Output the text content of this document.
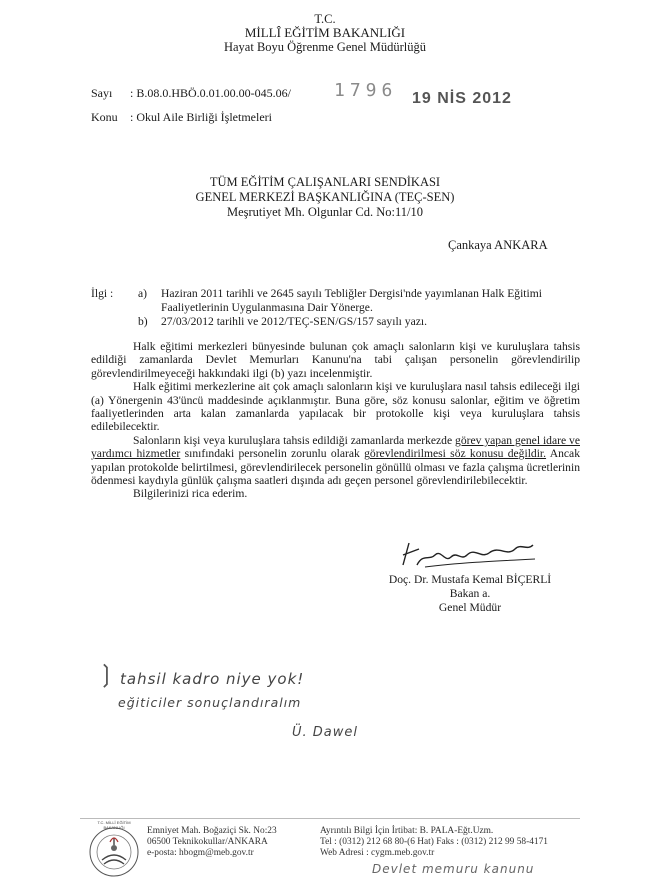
T.C.
MİLLÎ EĞİTİM BAKANLIĞI
Hayat Boyu Öğrenme Genel Müdürlüğü
Sayı : B.08.0.HBÖ.0.01.00.00-045.06/ 1796 19 NİS 2012
Konu : Okul Aile Birliği İşletmeleri
TÜM EĞİTİM ÇALIŞANLARI SENDİKASI
GENEL MERKEZİ BAŞKANLIĞINA (TEÇ-SEN)
Meşrutiyet Mh. Olgunlar Cd. No:11/10
Çankaya ANKARA
İlgi : a) Haziran 2011 tarihli ve 2645 sayılı Tebliğler Dergisi'nde yayımlanan Halk Eğitimi
Faaliyetlerinin Uygulanmasına Dair Yönerge.
b) 27/03/2012 tarihli ve 2012/TEÇ-SEN/GS/157 sayılı yazı.

Halk eğitimi merkezleri bünyesinde bulunan çok amaçlı salonların kişi ve kuruluşlara tahsis edildiği zamanlarda Devlet Memurları Kanunu'na tabi çalışan personelin görevlendirilip görevlendirilmeyeceği hakkındaki ilgi (b) yazı incelenmiştir.

Halk eğitimi merkezlerine ait çok amaçlı salonların kişi ve kuruluşlara nasıl tahsis edileceği ilgi (a) Yönergenin 43'üncü maddesinde açıklanmıştır. Buna göre, söz konusu salonlar, eğitim ve öğretim faaliyetlerinden arta kalan zamanlarda yapılacak bir protokolle kişi veya kuruluşlara tahsis edilebilecektir.

Salonların kişi veya kuruluşlara tahsis edildiği zamanlarda merkezde görev yapan genel idare ve yardımcı hizmetler sınıfındaki personelin zorunlu olarak görevlendirilmesi söz konusu değildir. Ancak yapılan protokolde belirtilmesi, görevlendirilecek personelin gönüllü olması ve fazla çalışma ücretlerinin ödenmesi kaydıyla günlük çalışma saatleri dışında adı geçen personel görevlendirilebilecektir.

Bilgilerinizi rica ederim.

Doç. Dr. Mustafa Kemal BİÇERLİ
Bakan a.
Genel Müdür
❳ tahsil kadro niye yok!
eğiticiler sonuçlandıralım
Ü. Dawel
T.C. MİLLÎ EĞİTİM BAKANLIĞI	Emniyet Mah. Boğaziçi Sk. No:23
06500 Teknikokullar/ANKARA
e-posta: hbogm@meb.gov.tr
Ayrıntılı Bilgi İçin İrtibat: B. PALA-Eğt.Uzm.
Tel : (0312) 212 68 80-(6 Hat) Faks : (0312) 212 99 58-4171
Web Adresi : cygm.meb.gov.tr
Devlet memuru kanunu
